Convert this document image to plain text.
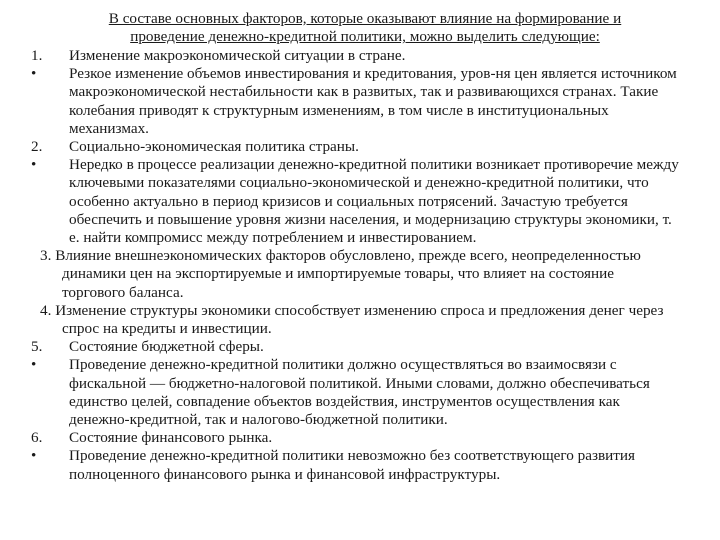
В составе основных факторов, которые оказывают влияние на формирование и проведение денежно-кредитной политики, можно выделить следующие:
1. Изменение макроэкономической ситуации в стране.
• Резкое изменение объемов инвестирования и кредитования, уров-ня цен является источником макроэкономической нестабильности как в развитых, так и развивающихся странах. Такие колебания приводят к структурным изменениям, в том числе в институциональных механизмах.
2. Социально-экономическая политика страны.
• Нередко в процессе реализации денежно-кредитной политики возникает противоречие между ключевыми показателями социально-экономической и денежно-кредитной политики, что особенно актуально в период кризисов и социальных потрясений. Зачастую требуется обеспечить и повышение уровня жизни населения, и модернизацию структуры экономики, т. е. найти компромисс между потреблением и инвестированием.
3. Влияние внешнеэкономических факторов обусловлено, прежде всего, неопределенностью динамики цен на экспортируемые и импортируемые товары, что влияет на состояние торгового баланса.
4. Изменение структуры экономики способствует изменению спроса и предложения денег через спрос на кредиты и инвестиции.
5. Состояние бюджетной сферы.
• Проведение денежно-кредитной политики должно осуществляться во взаимосвязи с фискальной — бюджетно-налоговой политикой. Иными словами, должно обеспечиваться единство целей, совпадение объектов воздействия, инструментов осуществления как денежно-кредитной, так и налогово-бюджетной политики.
6. Состояние финансового рынка.
• Проведение денежно-кредитной политики невозможно без соответствующего развития полноценного финансового рынка и финансовой инфраструктуры.
